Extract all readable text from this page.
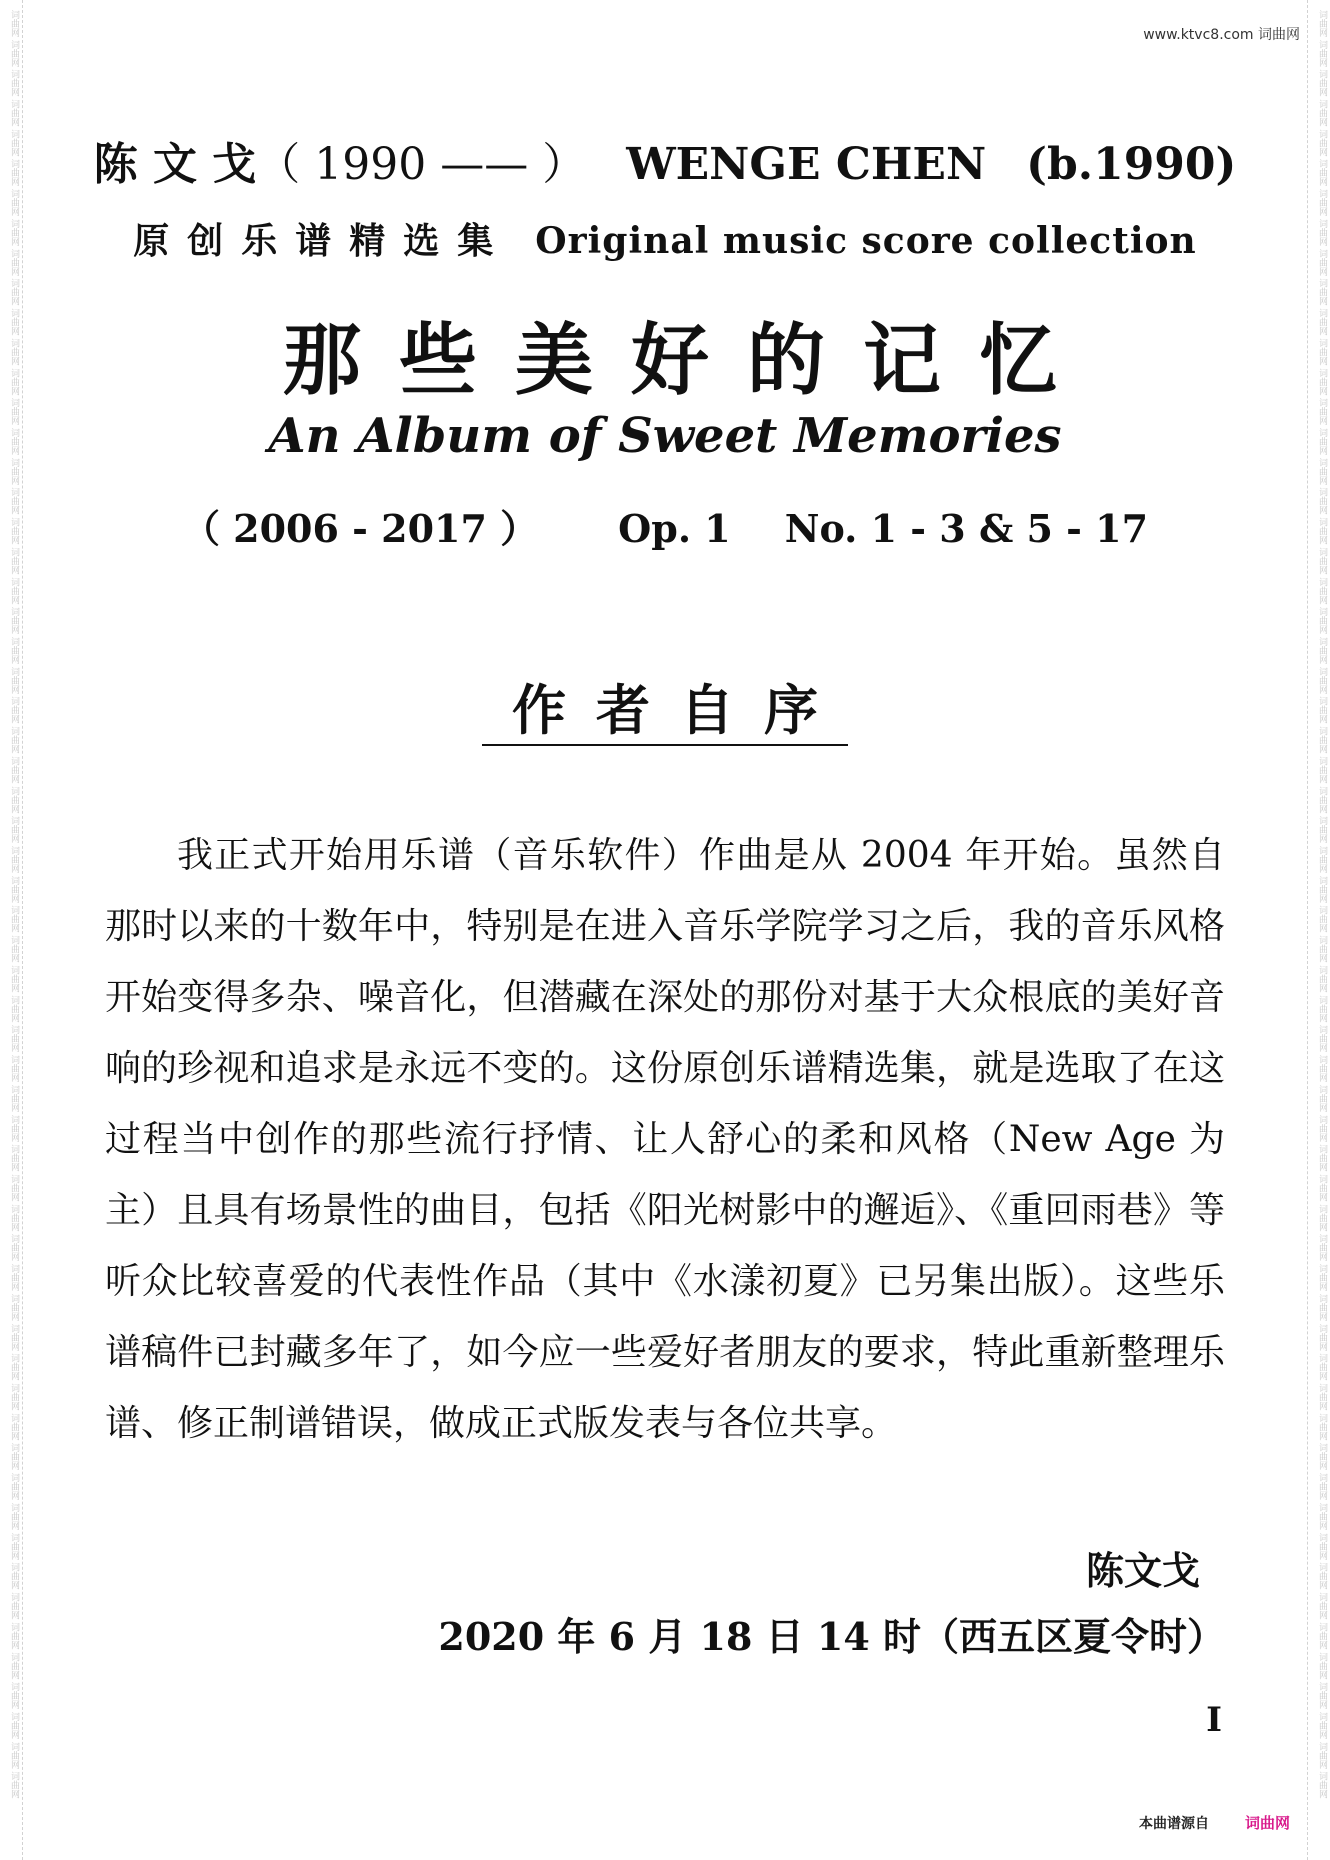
词曲网 词曲网 词曲网 词曲网 词曲网 词曲网 词曲网 词曲网 词曲网 词曲网 词曲网 词曲网 词曲网 词曲网 词曲网 词曲网 词曲网 词曲网 词曲网 词曲网 词曲网 词曲网 词曲网 词曲网 词曲网 词曲网 词曲网 词曲网 词曲网 词曲网 词曲网 词曲网 词曲网 词曲网 词曲网 词曲网 词曲网 词曲网 词曲网 词曲网 词曲网 词曲网 词曲网 词曲网 词曲网 词曲网 词曲网 词曲网 词曲网 词曲网 词曲网 词曲网 词曲网 词曲网 词曲网 词曲网 词曲网 词曲网 词曲网 词曲网	词曲网 词曲网 词曲网 词曲网 词曲网 词曲网 词曲网 词曲网 词曲网 词曲网 词曲网 词曲网 词曲网 词曲网 词曲网 词曲网 词曲网 词曲网 词曲网 词曲网 词曲网 词曲网 词曲网 词曲网 词曲网 词曲网 词曲网 词曲网 词曲网 词曲网 词曲网 词曲网 词曲网 词曲网 词曲网 词曲网 词曲网 词曲网 词曲网 词曲网 词曲网 词曲网 词曲网 词曲网 词曲网 词曲网 词曲网 词曲网 词曲网 词曲网 词曲网 词曲网 词曲网 词曲网 词曲网 词曲网 词曲网 词曲网 词曲网 词曲网
www.ktvc8.com 词曲网
陈 文 戈（ 1990 —— ） WENGE CHEN (b.1990)
原创乐谱精选集 Original music score collection
那些美好的记忆
An Album of Sweet Memories
（ 2006 - 2017 ） Op. 1 No. 1 - 3 & 5 - 17
作者自序
我正式开始用乐谱（音乐软件）作曲是从 2004 年开始。虽然自那时以来的十数年中，特别是在进入音乐学院学习之后，我的音乐风格开始变得多杂、噪音化，但潜藏在深处的那份对基于大众根底的美好音响的珍视和追求是永远不变的。这份原创乐谱精选集，就是选取了在这过程当中创作的那些流行抒情、让人舒心的柔和风格（New Age 为主）且具有场景性的曲目，包括《阳光树影中的邂逅》、《重回雨巷》等听众比较喜爱的代表性作品（其中《水漾初夏》已另集出版）。这些乐谱稿件已封藏多年了，如今应一些爱好者朋友的要求，特此重新整理乐谱、修正制谱错误，做成正式版发表与各位共享。
陈文戈
2020 年 6 月 18 日 14 时（西五区夏令时）
I
本曲谱源自 词曲网
